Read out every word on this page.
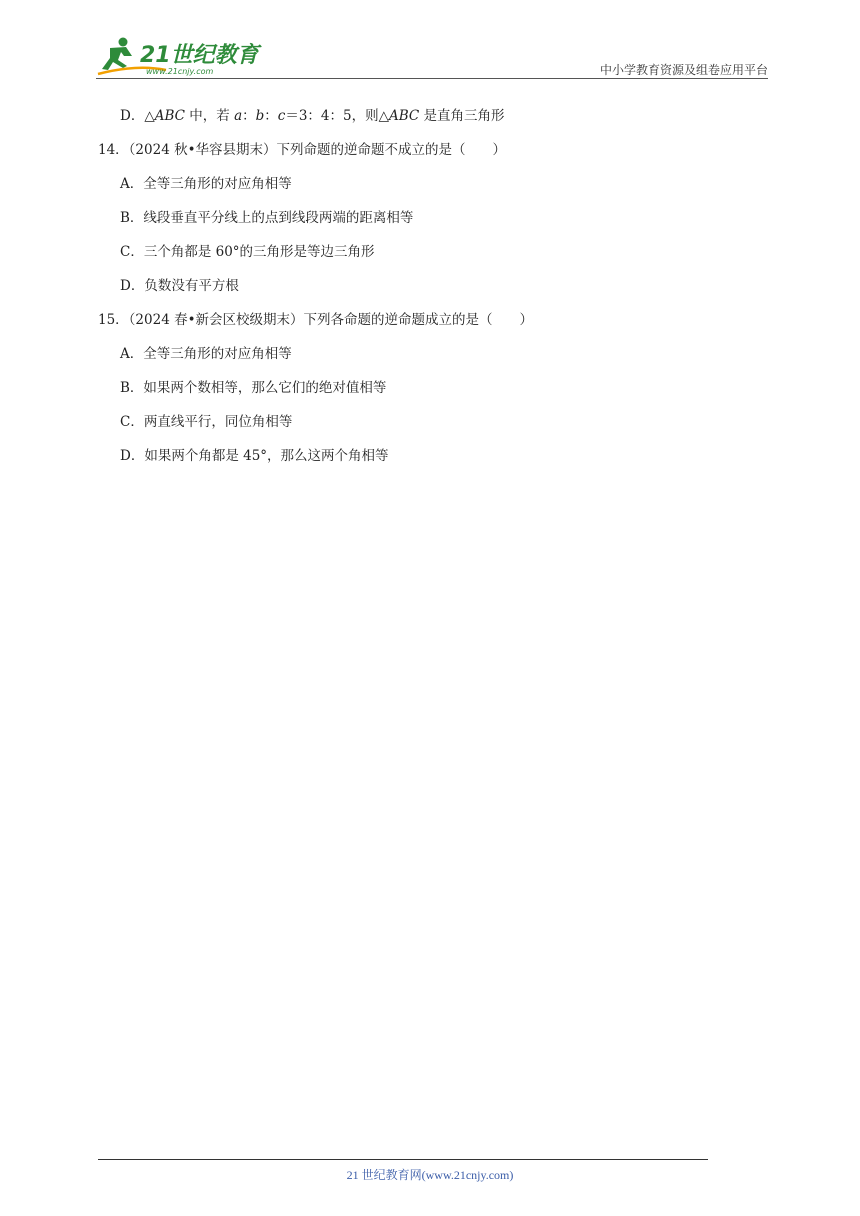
21世纪教育
www.21cnjy.com	中小学教育资源及组卷应用平台
D．△ABC 中，若 a：b：c＝3：4：5，则△ABC 是直角三角形
14．（2024 秋•华容县期末）下列命题的逆命题不成立的是（　　）
A．全等三角形的对应角相等
B．线段垂直平分线上的点到线段两端的距离相等
C．三个角都是 60°的三角形是等边三角形
D．负数没有平方根
15．（2024 春•新会区校级期末）下列各命题的逆命题成立的是（　　）
A．全等三角形的对应角相等
B．如果两个数相等，那么它们的绝对值相等
C．两直线平行，同位角相等
D．如果两个角都是 45°，那么这两个角相等
21 世纪教育网(www.21cnjy.com)
